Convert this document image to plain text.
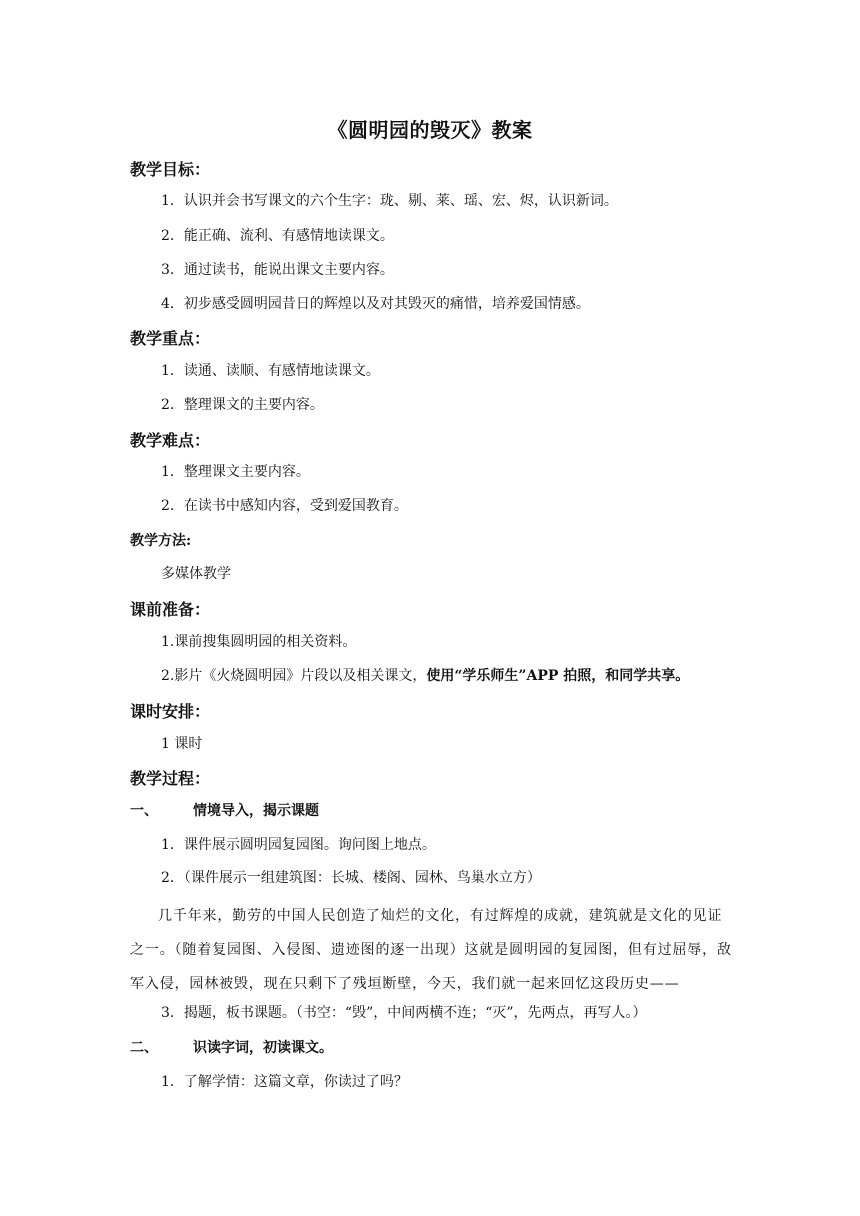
《圆明园的毁灭》教案
教学目标：
1．认识并会书写课文的六个生字：珑、剔、莱、瑶、宏、烬，认识新词。
2．能正确、流利、有感情地读课文。
3．通过读书，能说出课文主要内容。
4．初步感受圆明园昔日的辉煌以及对其毁灭的痛惜，培养爱国情感。
教学重点：
1．读通、读顺、有感情地读课文。
2．整理课文的主要内容。
教学难点：
1．整理课文主要内容。
2．在读书中感知内容，受到爱国教育。
教学方法:
多媒体教学
课前准备：
1.课前搜集圆明园的相关资料。
2.影片《火烧圆明园》片段以及相关课文，使用“学乐师生”APP 拍照，和同学共享。
课时安排：
1 课时
教学过程：
一、	情境导入，揭示课题
1．课件展示圆明园复园图。询问图上地点。
2．（课件展示一组建筑图：长城、楼阁、园林、鸟巢水立方）
几千年来，勤劳的中国人民创造了灿烂的文化，有过辉煌的成就，建筑就是文化的见证之一。（随着复园图、入侵图、遗迹图的逐一出现）这就是圆明园的复园图，但有过屈辱，敌军入侵，园林被毁，现在只剩下了残垣断壁，今天，我们就一起来回忆这段历史——
3．揭题，板书课题。（书空：“毁”，中间两横不连；“灭”，先两点，再写人。）
二、	识读字词，初读课文。
1．了解学情：这篇文章，你读过了吗？
